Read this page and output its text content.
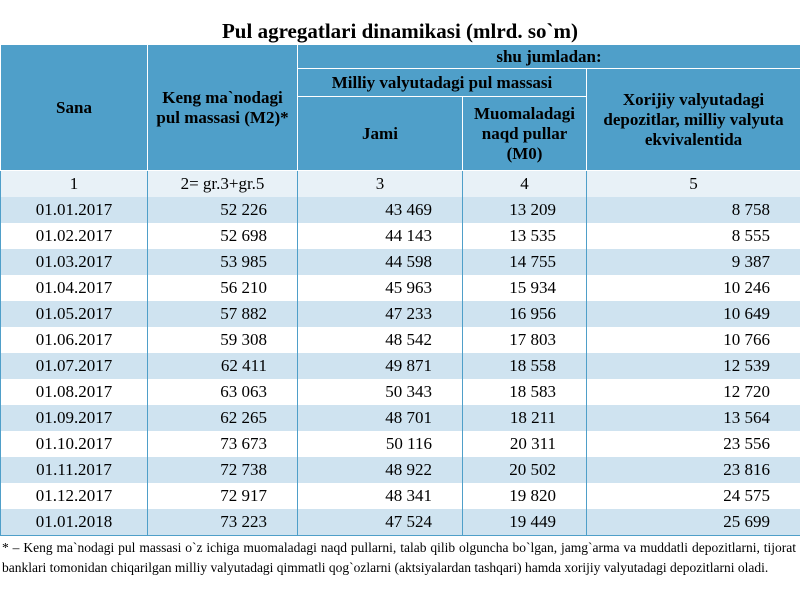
Pul agregatlari dinamikasi (mlrd. so`m)
Sana	Keng ma`nodagi pul massasi (M2)*	shu jumladan:		
		Milliy valyutadagi pul massasi		Xorijiy valyutadagi depozitlar, milliy valyuta ekvivalentida
		Jami	Muomaladagi naqd pullar (M0)	
1	2= gr.3+gr.5	3	4	5
01.01.2017	52 226	43 469	13 209	8 758
01.02.2017	52 698	44 143	13 535	8 555
01.03.2017	53 985	44 598	14 755	9 387
01.04.2017	56 210	45 963	15 934	10 246
01.05.2017	57 882	47 233	16 956	10 649
01.06.2017	59 308	48 542	17 803	10 766
01.07.2017	62 411	49 871	18 558	12 539
01.08.2017	63 063	50 343	18 583	12 720
01.09.2017	62 265	48 701	18 211	13 564
01.10.2017	73 673	50 116	20 311	23 556
01.11.2017	72 738	48 922	20 502	23 816
01.12.2017	72 917	48 341	19 820	24 575
01.01.2018	73 223	47 524	19 449	25 699
* – Keng ma`nodagi pul massasi o`z ichiga muomaladagi naqd pullarni, talab qilib olguncha bo`lgan, jamg`arma va muddatli depozitlarni, tijorat banklari tomonidan chiqarilgan milliy valyutadagi qimmatli qog`ozlarni (aktsiyalardan tashqari) hamda xorijiy valyutadagi depozitlarni oladi.
